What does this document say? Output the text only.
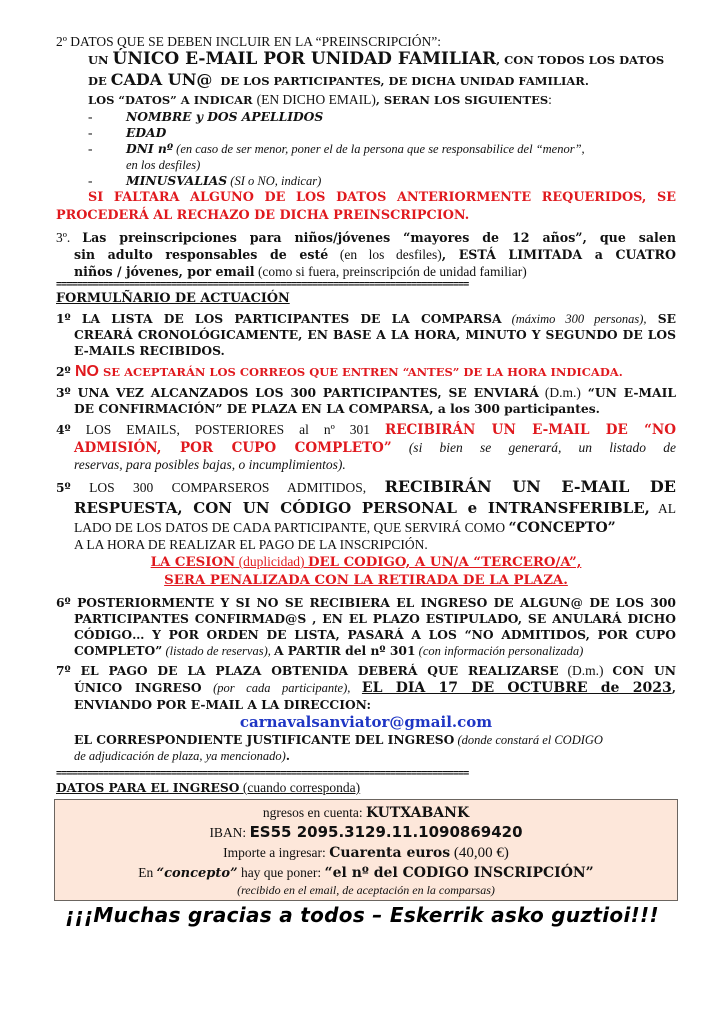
2º DATOS QUE SE DEBEN INCLUIR EN LA “PREINSCRIPCIÓN”:
UN ÚNICO E-MAIL POR UNIDAD FAMILIAR, CON TODOS LOS DATOS
DE CADA UN@  DE LOS PARTICIPANTES, DE DICHA UNIDAD FAMILIAR.
LOS “DATOS” A INDICAR (EN DICHO EMAIL), SERAN LOS SIGUIENTES:
-	NOMBRE y DOS APELLIDOS
-	EDAD
-	DNI nº (en caso de ser menor, poner el de la persona que se responsabilice del “menor”,
en los desfiles)
-	MINUSVALIAS (SI o NO, indicar)
SI FALTARA ALGUNO DE LOS DATOS ANTERIORMENTE REQUERIDOS, SE
PROCEDERÁ AL RECHAZO DE DICHA PREINSCRIPCION.
3º. Las preinscripciones para niños/jóvenes “mayores de 12 años”, que salen
sin adulto responsables de esté (en los desfiles), ESTÁ LIMITADA a CUATRO
niños / jóvenes, por email (como si fuera, preinscripción de unidad familiar)
===============================================================================
FORMULÑARIO DE ACTUACIÓN
1º LA LISTA DE LOS PARTICIPANTES DE LA COMPARSA (máximo 300 personas), SE
CREARÁ CRONOLÓGICAMENTE, EN BASE A LA HORA, MINUTO Y SEGUNDO DE LOS
E-MAILS RECIBIDOS.
2º NO SE ACEPTARÁN LOS CORREOS QUE ENTREN “ANTES” DE LA HORA INDICADA.
3º UNA VEZ ALCANZADOS LOS 300 PARTICIPANTES, SE ENVIARÁ (D.m.) “UN E-MAIL
DE CONFIRMACIÓN” DE PLAZA EN LA COMPARSA, a los 300 participantes.
4º LOS EMAILS, POSTERIORES al nº 301 RECIBIRÁN UN E-MAIL DE “NO
ADMISIÓN, POR CUPO COMPLETO” (si bien se generará, un listado de
reservas, para posibles bajas, o incumplimientos).
5º LOS 300 COMPARSEROS ADMITIDOS, RECIBIRÁN UN E-MAIL DE
RESPUESTA, CON UN CÓDIGO PERSONAL e INTRANSFERIBLE, AL
LADO DE LOS DATOS DE CADA PARTICIPANTE, QUE SERVIRÁ COMO “CONCEPTO”
A LA HORA DE REALIZAR EL PAGO DE LA INSCRIPCIÓN.
LA CESION (duplicidad) DEL CODIGO, A UN/A “TERCERO/A”,
SERA PENALIZADA CON LA RETIRADA DE LA PLAZA.
6º POSTERIORMENTE Y SI NO SE RECIBIERA EL INGRESO DE ALGUN@ DE LOS 300
PARTICIPANTES CONFIRMAD@S , EN EL PLAZO ESTIPULADO, SE ANULARÁ DICHO
CÓDIGO… Y POR ORDEN DE LISTA, PASARÁ A LOS “NO ADMITIDOS, POR CUPO
COMPLETO” (listado de reservas), A PARTIR del nº 301 (con información personalizada)
7º EL PAGO DE LA PLAZA OBTENIDA DEBERÁ QUE REALIZARSE (D.m.) CON UN
ÚNICO INGRESO (por cada participante), EL DIA 17 DE OCTUBRE de 2023,
ENVIANDO POR E-MAIL A LA DIRECCION:
carnavalsanviator@gmail.com
EL CORRESPONDIENTE JUSTIFICANTE DEL INGRESO (donde constará el CODIGO
de adjudicación de plaza, ya mencionado).
===============================================================================
DATOS PARA EL INGRESO (cuando corresponda)
ngresos en cuenta: KUTXABANK
IBAN: ES55 2095.3129.11.1090869420
Importe a ingresar: Cuarenta euros (40,00 €)
En “concepto” hay que poner: “el nº del CODIGO INSCRIPCIÓN”
(recibido en el email, de aceptación en la comparsas)
¡¡¡Muchas gracias a todos – Eskerrik asko guztioi!!!
